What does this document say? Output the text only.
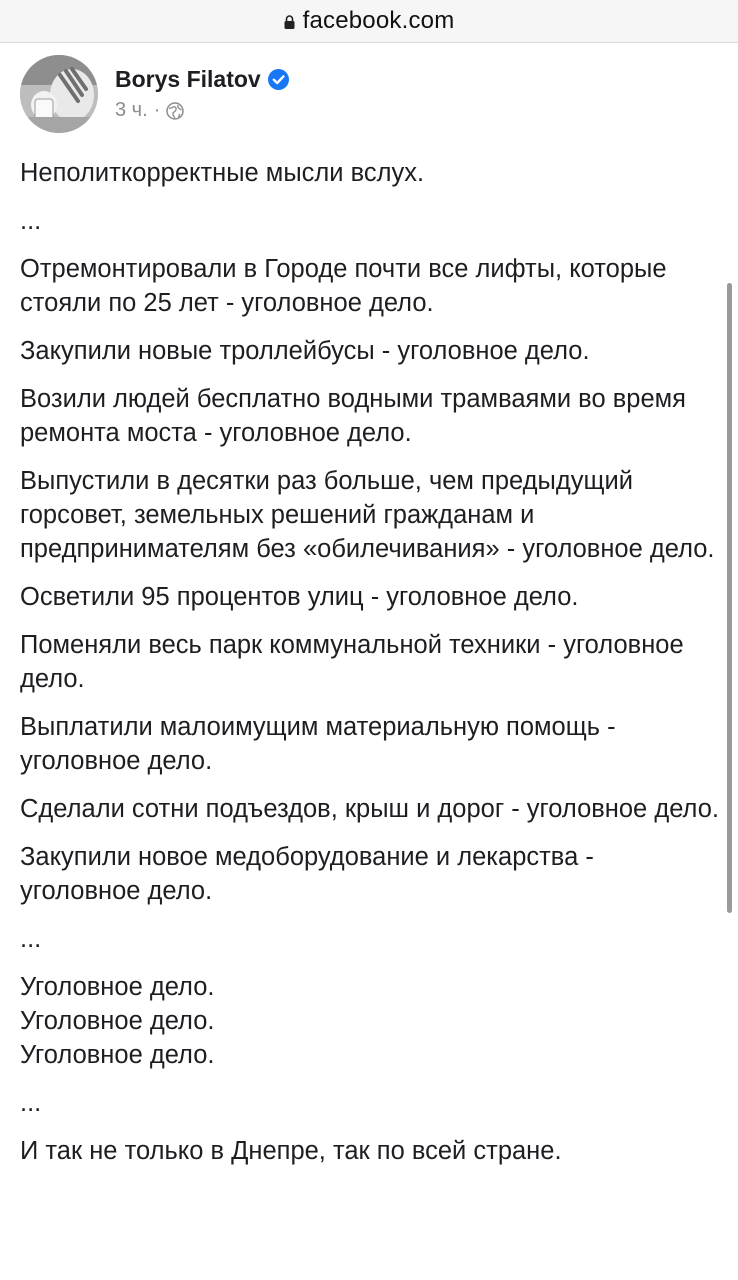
facebook.com
Borys Filatov
3 ч. ·

Неполиткорректные мысли вслух.

...

Отремонтировали в Городе почти все лифты, которые стояли по 25 лет - уголовное дело.

Закупили новые троллейбусы - уголовное дело.

Возили людей бесплатно водными трамваями во время ремонта моста - уголовное дело.

Выпустили в десятки раз больше, чем предыдущий горсовет, земельных решений гражданам и предпринимателям без «обилечивания» - уголовное дело.

Осветили 95 процентов улиц - уголовное дело.

Поменяли весь парк коммунальной техники - уголовное дело.

Выплатили малоимущим материальную помощь - уголовное дело.

Сделали сотни подъездов, крыш и дорог - уголовное дело.

Закупили новое медоборудование и лекарства - уголовное дело.

...

Уголовное дело.

Уголовное дело.

Уголовное дело.

...

И так не только в Днепре, так по всей стране.
